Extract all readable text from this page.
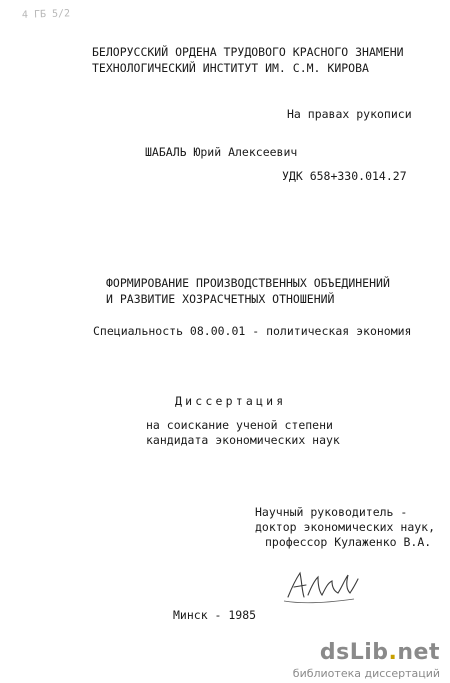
4 ГБ 5/2
БЕЛОРУССКИЙ ОРДЕНА ТРУДОВОГО КРАСНОГО ЗНАМЕНИ
ТЕХНОЛОГИЧЕСКИЙ ИНСТИТУТ ИМ. С.М. КИРОВА
На правах рукописи
ШАБАЛЬ Юрий Алексеевич
УДК 658+330.014.27
ФОРМИРОВАНИЕ ПРОИЗВОДСТВЕННЫХ ОБЪЕДИНЕНИЙ
И РАЗВИТИЕ ХОЗРАСЧЕТНЫХ ОТНОШЕНИЙ
Специальность 08.00.01 - политическая экономия
Диссертация
на соискание ученой степени
кандидата экономических наук
Научный руководитель -
доктор экономических наук,
профессор Кулаженко В.А.
Минск - 1985
dsLib.net
библиотека диссертаций
